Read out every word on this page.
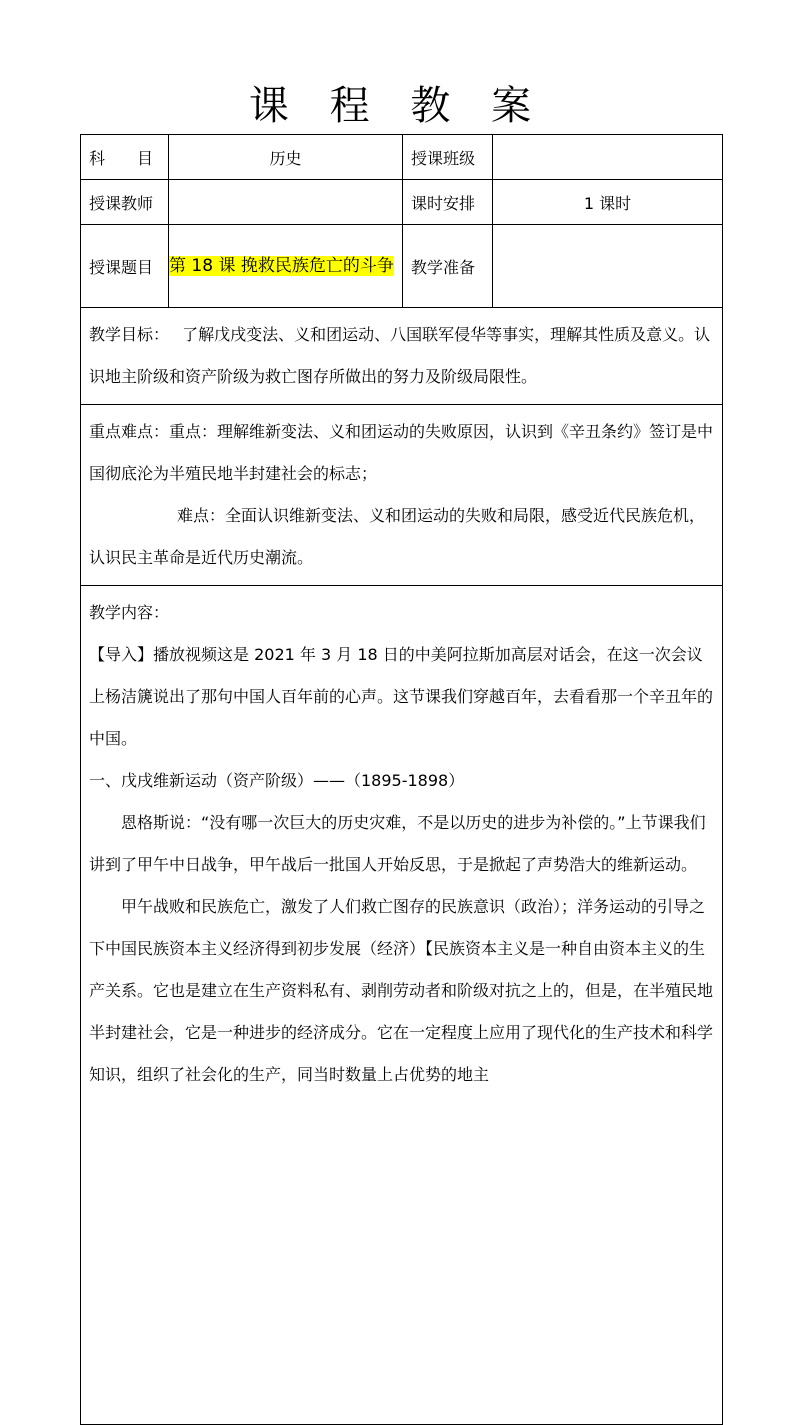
课 程 教 案
科　　目	历史	授课班级	
授课教师		课时安排	1 课时
授课题目	第 18 课 挽救民族危亡的斗争	教学准备	

教学目标：　 了解戊戌变法、义和团运动、八国联军侵华等事实，理解其性质及意义。认识地主阶级和资产阶级为救亡图存所做出的努力及阶级局限性。			

重点难点：重点：理解维新变法、义和团运动的失败原因，认识到《辛丑条约》签订是中国彻底沦为半殖民地半封建社会的标志；

难点：全面认识维新变法、义和团运动的失败和局限，感受近代民族危机，认识民主革命是近代历史潮流。			

教学内容：

【导入】播放视频这是 2021 年 3 月 18 日的中美阿拉斯加高层对话会，在这一次会议上杨洁篪说出了那句中国人百年前的心声。这节课我们穿越百年，去看看那一个辛丑年的中国。

一、戊戌维新运动（资产阶级）——（1895-1898）

恩格斯说：“没有哪一次巨大的历史灾难，不是以历史的进步为补偿的。”上节课我们讲到了甲午中日战争，甲午战后一批国人开始反思，于是掀起了声势浩大的维新运动。

甲午战败和民族危亡，激发了人们救亡图存的民族意识（政治）；洋务运动的引导之下中国民族资本主义经济得到初步发展（经济）【民族资本主义是一种自由资本主义的生产关系。它也是建立在生产资料私有、剥削劳动者和阶级对抗之上的，但是，在半殖民地半封建社会，它是一种进步的经济成分。它在一定程度上应用了现代化的生产技术和科学知识，组织了社会化的生产，同当时数量上占优势的地主			
